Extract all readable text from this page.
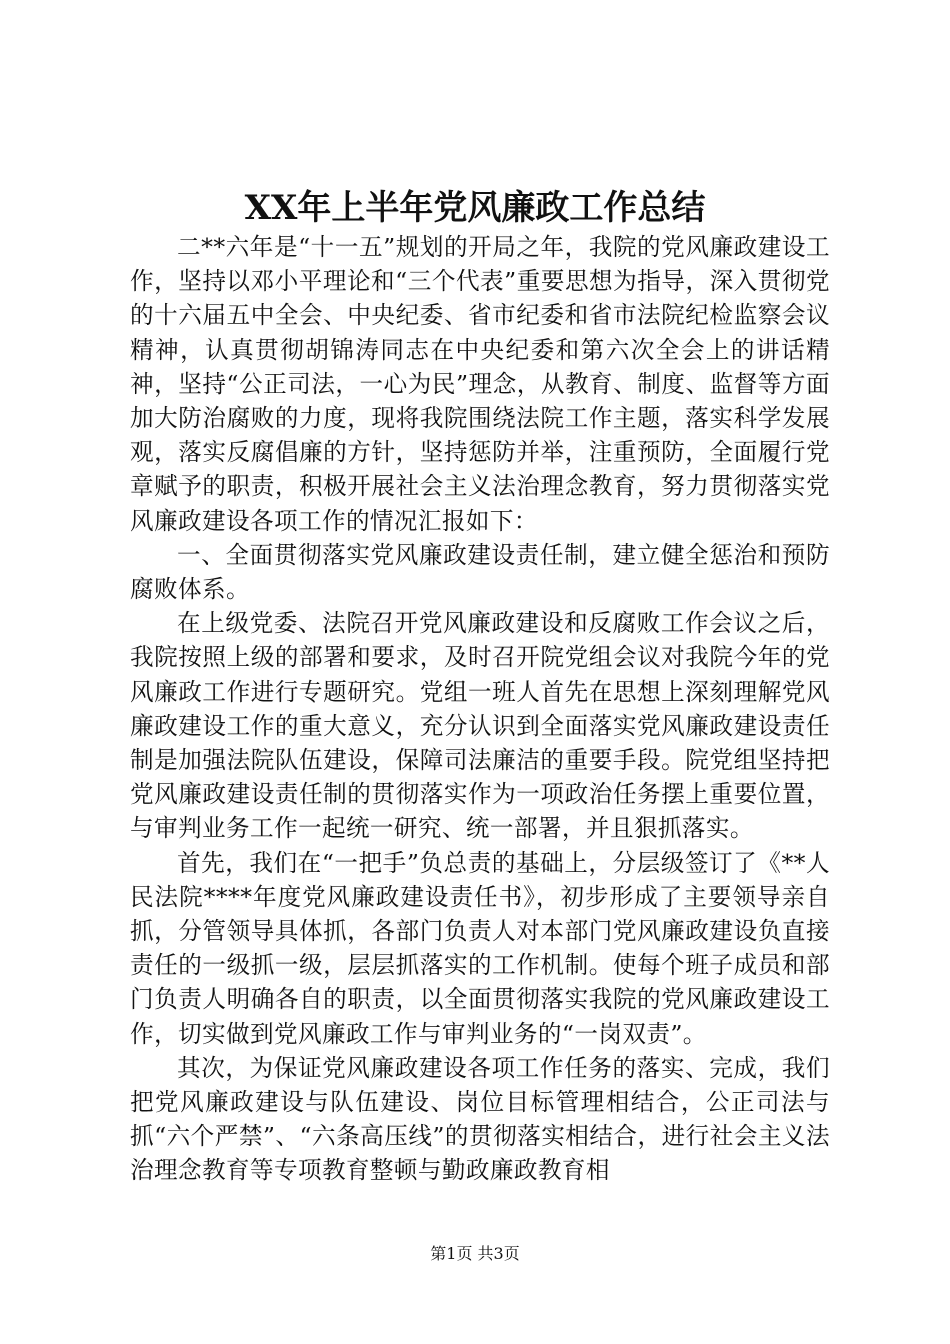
XX年上半年党风廉政工作总结

二**六年是“十一五”规划的开局之年，我院的党风廉政建设工作，坚持以邓小平理论和“三个代表”重要思想为指导，深入贯彻党的十六届五中全会、中央纪委、省市纪委和省市法院纪检监察会议精神，认真贯彻胡锦涛同志在中央纪委和第六次全会上的讲话精神，坚持“公正司法，一心为民”理念，从教育、制度、监督等方面加大防治腐败的力度，现将我院围绕法院工作主题，落实科学发展观，落实反腐倡廉的方针，坚持惩防并举，注重预防，全面履行党章赋予的职责，积极开展社会主义法治理念教育，努力贯彻落实党风廉政建设各项工作的情况汇报如下：

一、全面贯彻落实党风廉政建设责任制，建立健全惩治和预防腐败体系。

在上级党委、法院召开党风廉政建设和反腐败工作会议之后，我院按照上级的部署和要求，及时召开院党组会议对我院今年的党风廉政工作进行专题研究。党组一班人首先在思想上深刻理解党风廉政建设工作的重大意义，充分认识到全面落实党风廉政建设责任制是加强法院队伍建设，保障司法廉洁的重要手段。院党组坚持把党风廉政建设责任制的贯彻落实作为一项政治任务摆上重要位置，与审判业务工作一起统一研究、统一部署，并且狠抓落实。

首先，我们在“一把手”负总责的基础上，分层级签订了《**人民法院****年度党风廉政建设责任书》，初步形成了主要领导亲自抓，分管领导具体抓，各部门负责人对本部门党风廉政建设负直接责任的一级抓一级，层层抓落实的工作机制。使每个班子成员和部门负责人明确各自的职责，以全面贯彻落实我院的党风廉政建设工作，切实做到党风廉政工作与审判业务的“一岗双责”。

其次，为保证党风廉政建设各项工作任务的落实、完成，我们把党风廉政建设与队伍建设、岗位目标管理相结合，公正司法与抓“六个严禁”、“六条高压线”的贯彻落实相结合，进行社会主义法治理念教育等专项教育整顿与勤政廉政教育相

第1页 共3页
